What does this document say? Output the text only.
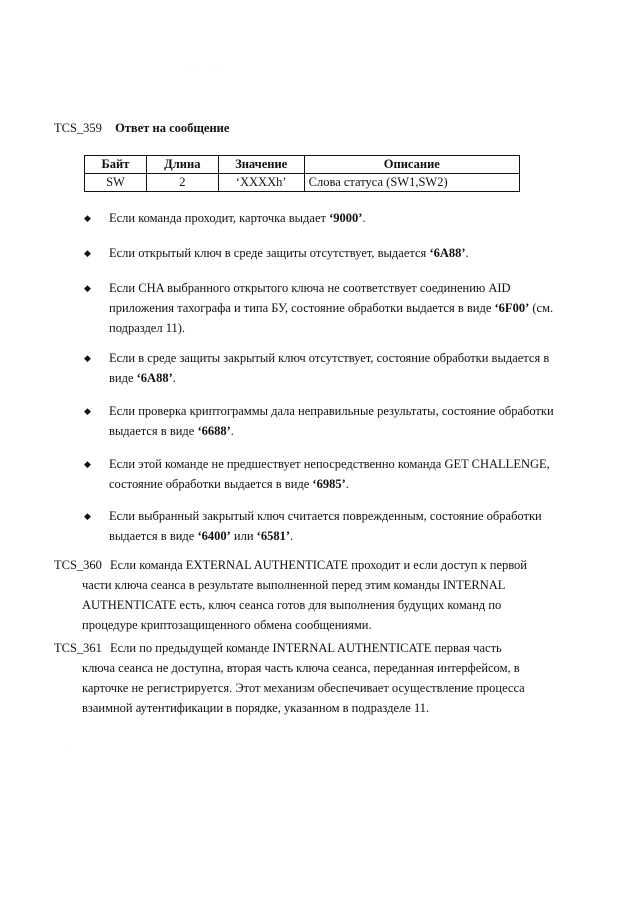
· · · ·
·
TCS_359 Ответ на сообщение
Байт	Длина	Значение	Описание
SW	2	‘XXXXh’	Слова статуса (SW1,SW2)
◆ Если команда проходит, карточка выдает ‘9000’.
◆ Если открытый ключ в среде защиты отсутствует, выдается ‘6A88’.
◆ Если CHA выбранного открытого ключа не соответствует соединению AID приложения тахографа и типа БУ, состояние обработки выдается в виде ‘6F00’ (см. подраздел 11).
◆ Если в среде защиты закрытый ключ отсутствует, состояние обработки выдается в виде ‘6A88’.
◆ Если проверка криптограммы дала неправильные результаты, состояние обработки выдается в виде ‘6688’.
◆ Если этой команде не предшествует непосредственно команда GET CHALLENGE, состояние обработки выдается в виде ‘6985’.
◆ Если выбранный закрытый ключ считается поврежденным, состояние обработки выдается в виде ‘6400’ или ‘6581’.
TCS_360 Если команда EXTERNAL AUTHENTICATE проходит и если доступ к первой
части ключа сеанса в результате выполненной перед этим команды INTERNAL AUTHENTICATE есть, ключ сеанса готов для выполнения будущих команд по процедуре криптозащищенного обмена сообщениями.
TCS_361 Если по предыдущей команде INTERNAL AUTHENTICATE первая часть
ключа сеанса не доступна, вторая часть ключа сеанса, переданная интерфейсом, в карточке не регистрируется. Этот механизм обеспечивает осуществление процесса взаимной аутентификации в порядке, указанном в подразделе 11.
